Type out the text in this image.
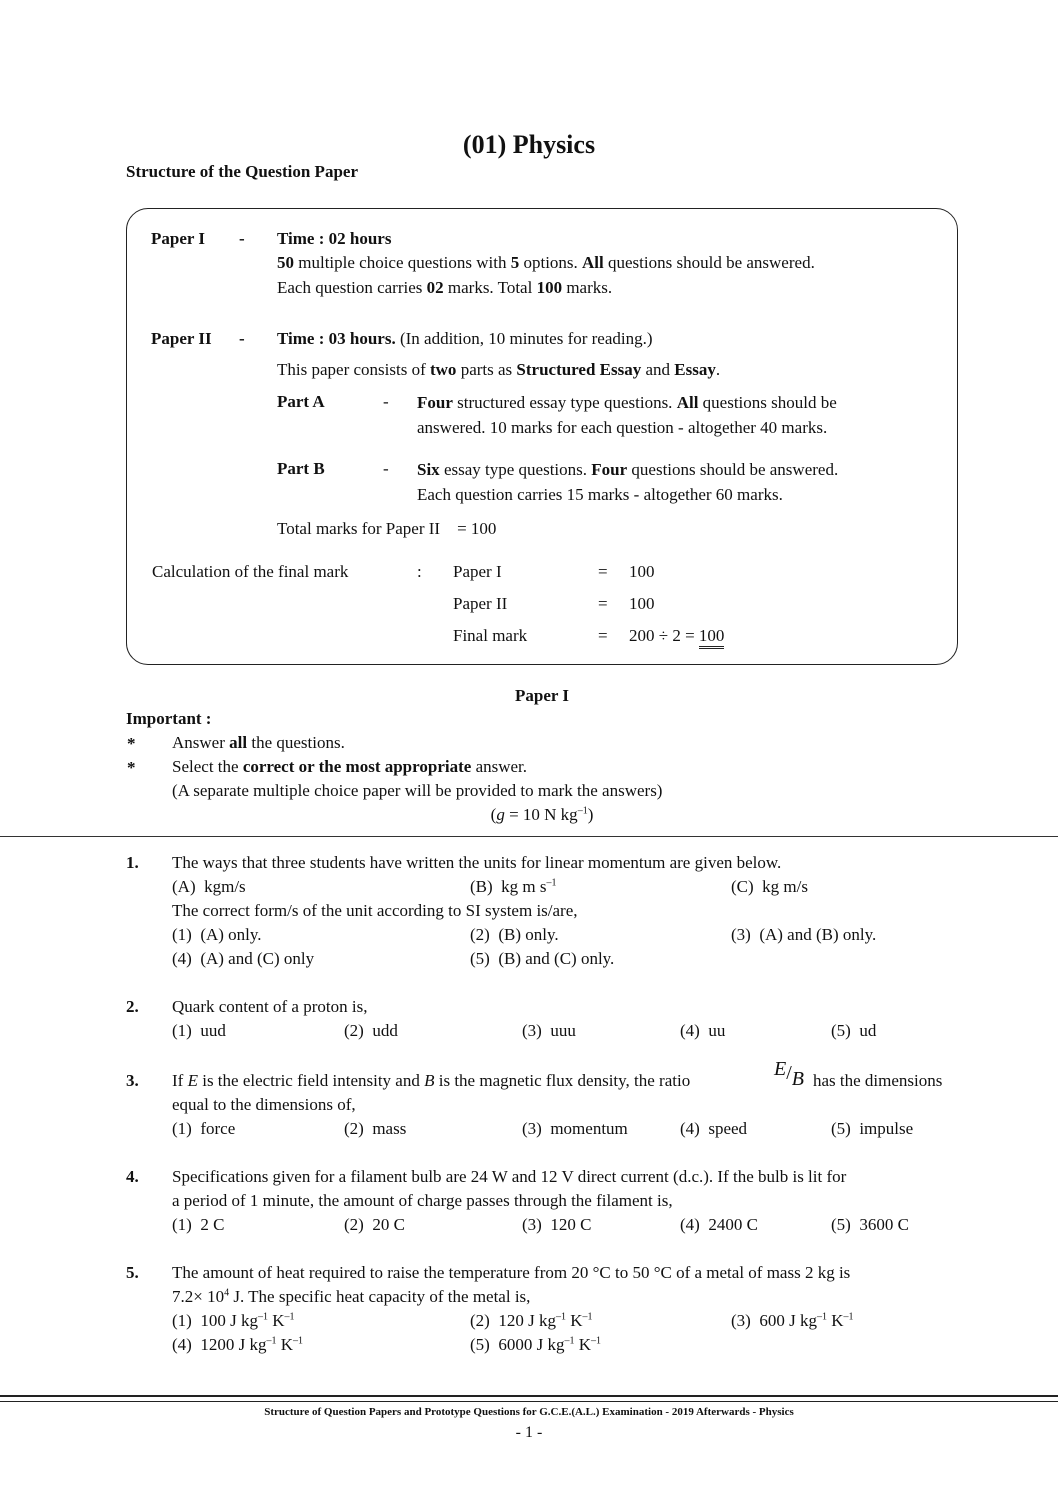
(01) Physics
Structure of the Question Paper
Paper I - Time : 02 hours
50 multiple choice questions with 5 options. All questions should be answered.
Each question carries 02 marks. Total 100 marks.
Paper II - Time : 03 hours. (In addition, 10 minutes for reading.)
This paper consists of two parts as Structured Essay and Essay.
Part A	- Four structured essay type questions. All questions should be
answered. 10 marks for each question - altogether 40 marks.
Part B	- Six essay type questions. Four questions should be answered.
Each question carries 15 marks - altogether 60 marks.
Total marks for Paper II    = 100
Calculation of the final mark	: Paper I	= 100
Paper II	= 100
Final mark	= 200 ÷ 2 = 100
Paper I
Important :
* Answer all the questions.
* Select the correct or the most appropriate answer.
(A separate multiple choice paper will be provided to mark the answers)
(g = 10 N $kg^{-1}$)
1. The ways that three students have written the units for linear momentum are given below.
(A)  kgm/s	(B)  kg m $s^{-1}$	(C)  kg m/s
The correct form/s of the unit according to SI system is/are,
(1)  (A) only.	(2)  (B) only.	(3)  (A) and (B) only.
(4)  (A) and (C) only	(5)  (B) and (C) only.
2. Quark content of a proton is,
(1)  uud	(2)  udd	(3)  uuu	(4)  uu	(5)  ud
3. If E is the electric field intensity and B is the magnetic flux density, the ratio
E/B has the dimensions
equal to the dimensions of,
(1)  force	(2)  mass	(3)  momentum	(4)  speed	(5)  impulse
4. Specifications given for a filament bulb are 24 W and 12 V direct current (d.c.). If the bulb is lit for
a period of 1 minute, the amount of charge passes through the filament is,
(1)  2 C	(2)  20 C	(3)  120 C	(4)  2400 C	(5)  3600 C
5. The amount of heat required to raise the temperature from 20 °C to 50 °C of a metal of mass 2 kg is
$7.2\times 10^4$ J. The specific heat capacity of the metal is,
(1)  100 J $kg^{-1}$ $K^{-1}$	(2)  120 J $kg^{-1}$ $K^{-1}$	(3)  600 J $kg^{-1}$ $K^{-1}$
(4)  1200 J $kg^{-1}$ $K^{-1}$	(5)  6000 J $kg^{-1}$ $K^{-1}$
Structure of Question Papers and Prototype Questions for G.C.E.(A.L.) Examination - 2019 Afterwards - Physics
- 1 -
